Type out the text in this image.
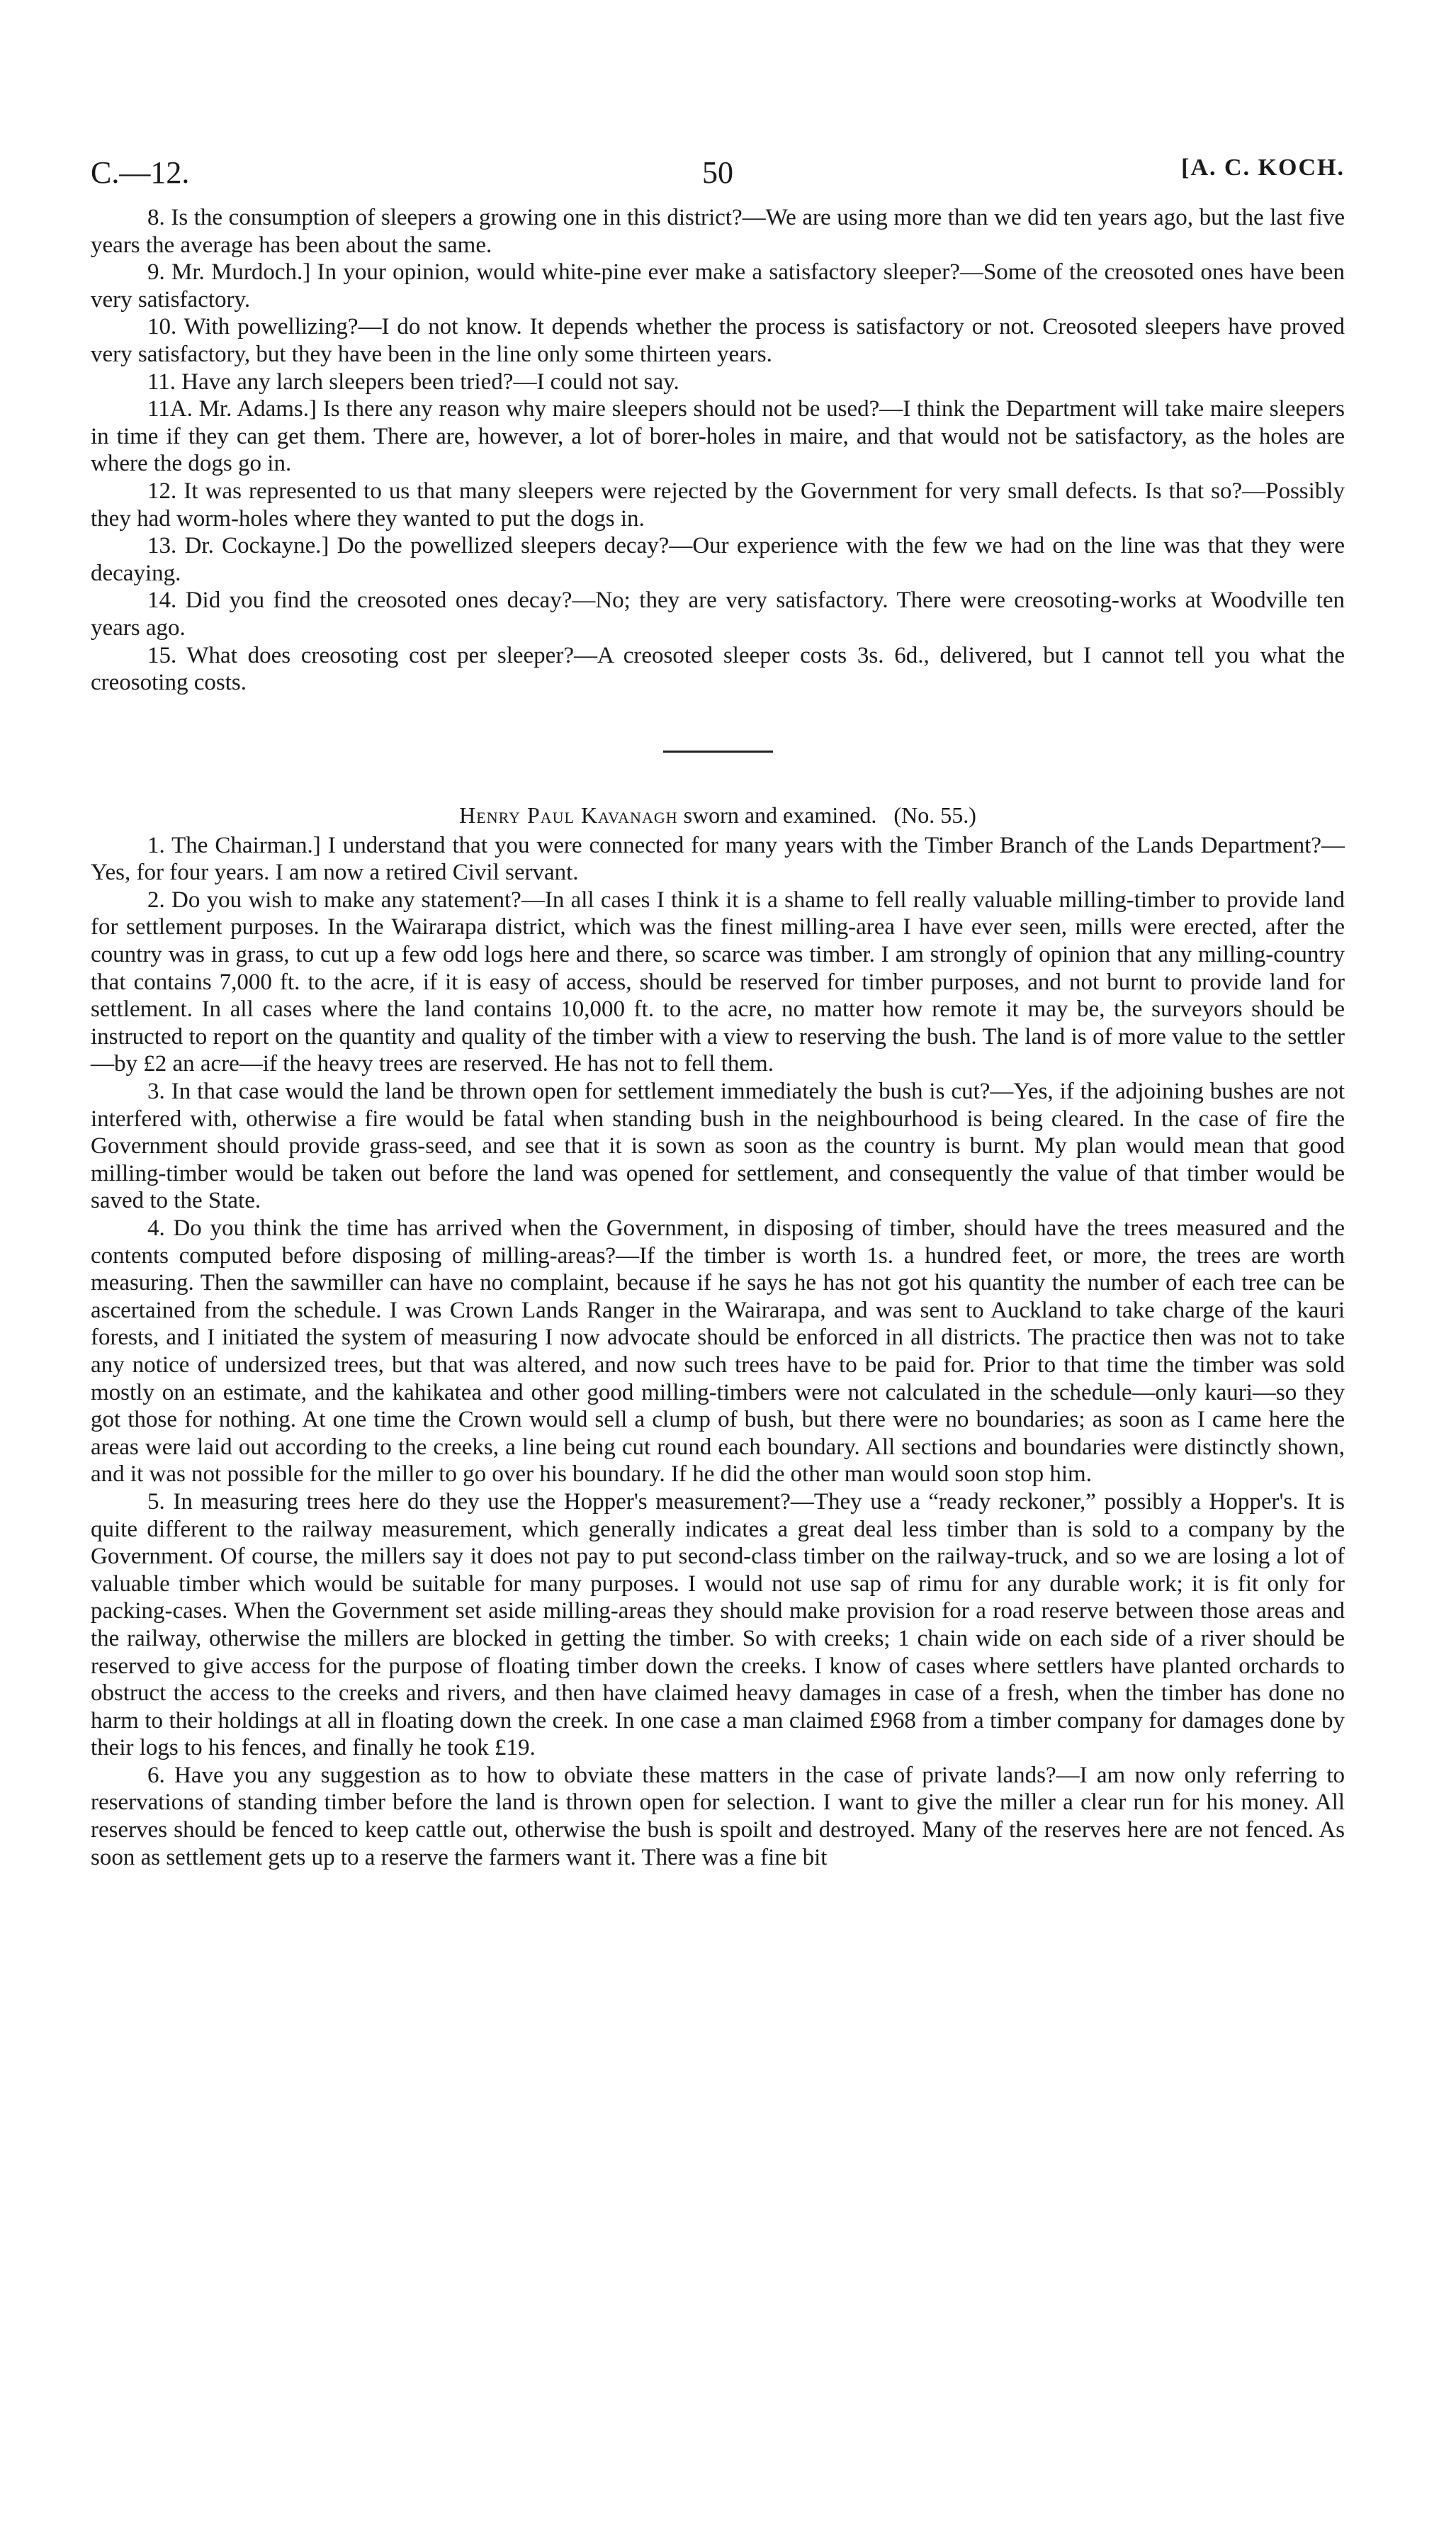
C.—12.	50	[A. C. KOCH.

8. Is the consumption of sleepers a growing one in this district?—We are using more than we did ten years ago, but the last five years the average has been about the same.

9. Mr. Murdoch.] In your opinion, would white-pine ever make a satisfactory sleeper?—Some of the creosoted ones have been very satisfactory.

10. With powellizing?—I do not know. It depends whether the process is satisfactory or not. Creosoted sleepers have proved very satisfactory, but they have been in the line only some thirteen years.

11. Have any larch sleepers been tried?—I could not say.

11A. Mr. Adams.] Is there any reason why maire sleepers should not be used?—I think the Department will take maire sleepers in time if they can get them. There are, however, a lot of borer-holes in maire, and that would not be satisfactory, as the holes are where the dogs go in.

12. It was represented to us that many sleepers were rejected by the Government for very small defects. Is that so?—Possibly they had worm-holes where they wanted to put the dogs in.

13. Dr. Cockayne.] Do the powellized sleepers decay?—Our experience with the few we had on the line was that they were decaying.

14. Did you find the creosoted ones decay?—No; they are very satisfactory. There were creosoting-works at Woodville ten years ago.

15. What does creosoting cost per sleeper?—A creosoted sleeper costs 3s. 6d., delivered, but I cannot tell you what the creosoting costs.

Henry Paul Kavanagh sworn and examined. (No. 55.)

1. The Chairman.] I understand that you were connected for many years with the Timber Branch of the Lands Department?—Yes, for four years. I am now a retired Civil servant.

2. Do you wish to make any statement?—In all cases I think it is a shame to fell really valuable milling-timber to provide land for settlement purposes. In the Wairarapa district, which was the finest milling-area I have ever seen, mills were erected, after the country was in grass, to cut up a few odd logs here and there, so scarce was timber. I am strongly of opinion that any milling-country that contains 7,000 ft. to the acre, if it is easy of access, should be reserved for timber purposes, and not burnt to provide land for settlement. In all cases where the land contains 10,000 ft. to the acre, no matter how remote it may be, the surveyors should be instructed to report on the quantity and quality of the timber with a view to reserving the bush. The land is of more value to the settler—by £2 an acre—if the heavy trees are reserved. He has not to fell them.

3. In that case would the land be thrown open for settlement immediately the bush is cut?—Yes, if the adjoining bushes are not interfered with, otherwise a fire would be fatal when standing bush in the neighbourhood is being cleared. In the case of fire the Government should provide grass-seed, and see that it is sown as soon as the country is burnt. My plan would mean that good milling-timber would be taken out before the land was opened for settlement, and consequently the value of that timber would be saved to the State.

4. Do you think the time has arrived when the Government, in disposing of timber, should have the trees measured and the contents computed before disposing of milling-areas?—If the timber is worth 1s. a hundred feet, or more, the trees are worth measuring. Then the sawmiller can have no complaint, because if he says he has not got his quantity the number of each tree can be ascertained from the schedule. I was Crown Lands Ranger in the Wairarapa, and was sent to Auckland to take charge of the kauri forests, and I initiated the system of measuring I now advocate should be enforced in all districts. The practice then was not to take any notice of undersized trees, but that was altered, and now such trees have to be paid for. Prior to that time the timber was sold mostly on an estimate, and the kahikatea and other good milling-timbers were not calculated in the schedule—only kauri—so they got those for nothing. At one time the Crown would sell a clump of bush, but there were no boundaries; as soon as I came here the areas were laid out according to the creeks, a line being cut round each boundary. All sections and boundaries were distinctly shown, and it was not possible for the miller to go over his boundary. If he did the other man would soon stop him.

5. In measuring trees here do they use the Hopper's measurement?—They use a “ready reckoner,” possibly a Hopper's. It is quite different to the railway measurement, which generally indicates a great deal less timber than is sold to a company by the Government. Of course, the millers say it does not pay to put second-class timber on the railway-truck, and so we are losing a lot of valuable timber which would be suitable for many purposes. I would not use sap of rimu for any durable work; it is fit only for packing-cases. When the Government set aside milling-areas they should make provision for a road reserve between those areas and the railway, otherwise the millers are blocked in getting the timber. So with creeks; 1 chain wide on each side of a river should be reserved to give access for the purpose of floating timber down the creeks. I know of cases where settlers have planted orchards to obstruct the access to the creeks and rivers, and then have claimed heavy damages in case of a fresh, when the timber has done no harm to their holdings at all in floating down the creek. In one case a man claimed £968 from a timber company for damages done by their logs to his fences, and finally he took £19.

6. Have you any suggestion as to how to obviate these matters in the case of private lands?—I am now only referring to reservations of standing timber before the land is thrown open for selection. I want to give the miller a clear run for his money. All reserves should be fenced to keep cattle out, otherwise the bush is spoilt and destroyed. Many of the reserves here are not fenced. As soon as settlement gets up to a reserve the farmers want it. There was a fine bit
